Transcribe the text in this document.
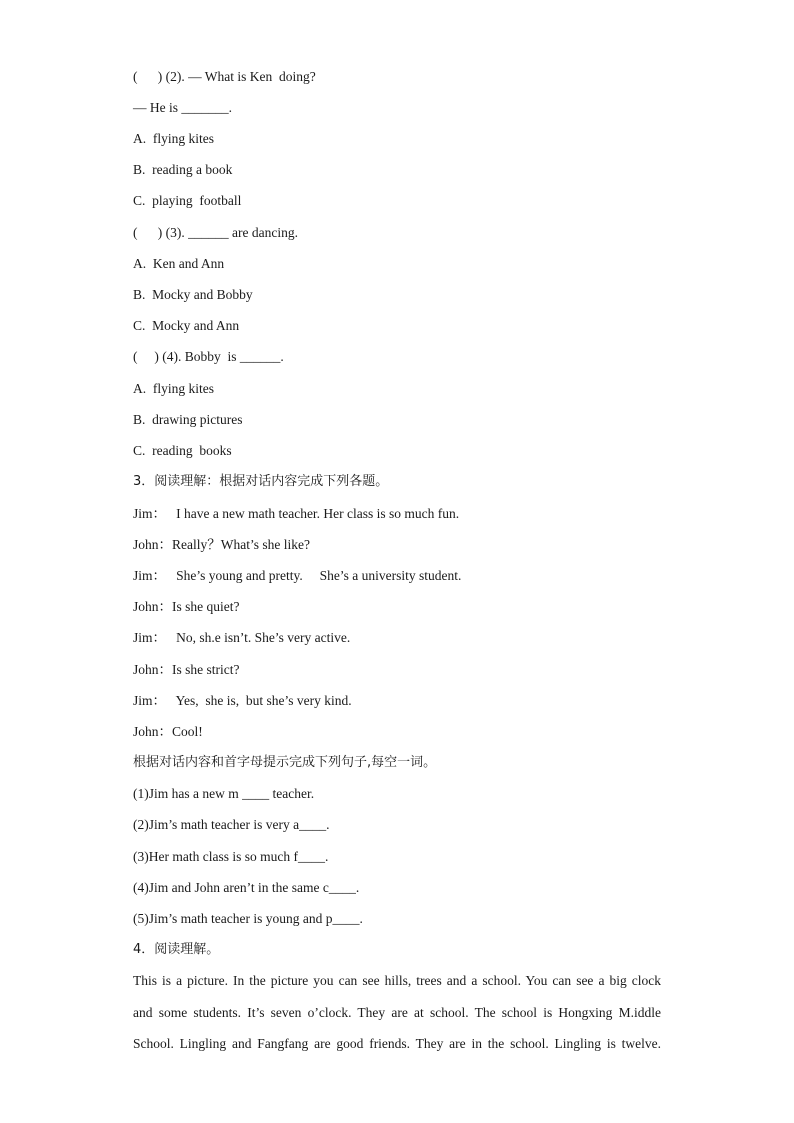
(      ) (2). — What is Ken  doing?
— He is _______.
A.  flying kites
B.  reading a book
C.  playing  football
(      ) (3). ______ are dancing.
A.  Ken and Ann
B.  Mocky and Bobby
C.  Mocky and Ann
(     ) (4). Bobby  is ______.
A.  flying kites
B.  drawing pictures
C.  reading  books
3．阅读理解：根据对话内容完成下列各题。
Jim：   I have a new math teacher. Her class is so much fun.
John：Really？What’s she like?
Jim：   She’s young and pretty.     She’s a university student.
John：Is she quiet?
Jim：   No, sh.e isn’t. She’s very active.
John：Is she strict?
Jim：   Yes,  she is,  but she’s very kind.
John：Cool!
根据对话内容和首字母提示完成下列句子,每空一词。
(1)Jim has a new m ____ teacher.
(2)Jim’s math teacher is very a____.
(3)Her math class is so much f____.
(4)Jim and John aren’t in the same c____.
(5)Jim’s math teacher is young and p____.
4．阅读理解。
This is a picture. In the picture you can see hills, trees and a school. You can see a big clock
and some students. It’s seven o’clock. They are at school. The school is Hongxing M.iddle
School. Lingling and Fangfang are good friends. They are in the school. Lingling is twelve.
